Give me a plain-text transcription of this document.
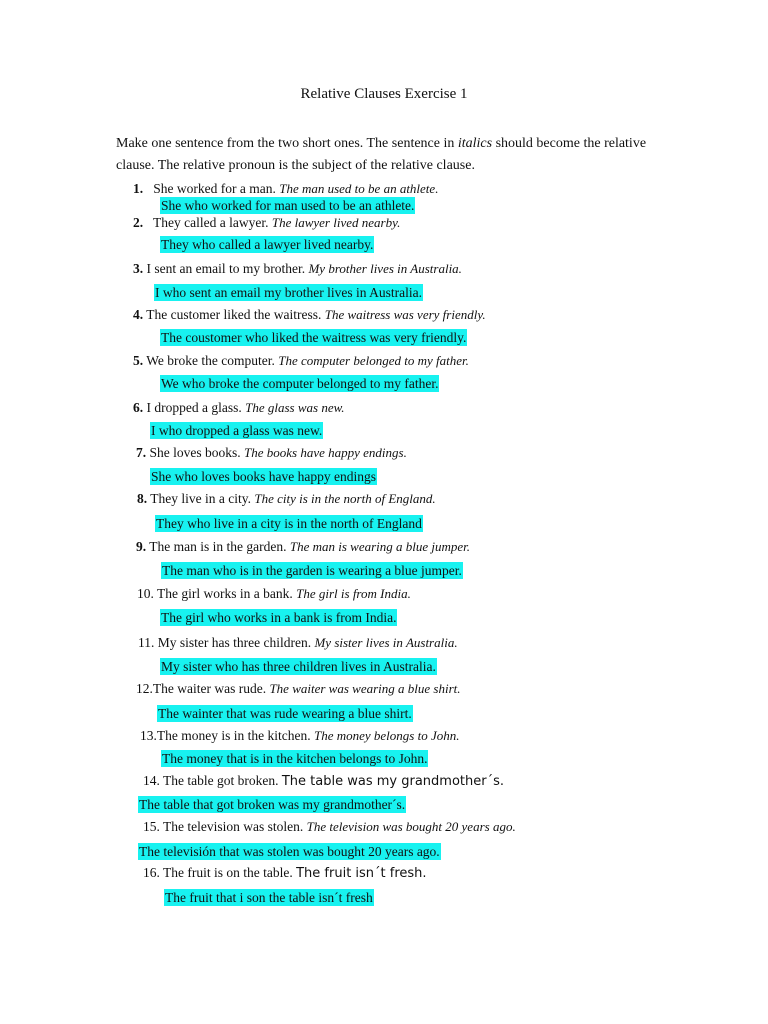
Relative Clauses Exercise 1
Make one sentence from the two short ones. The sentence in italics should become the relative clause. The relative pronoun is the subject of the relative clause.
1. She worked for a man. The man used to be an athlete.
She who worked for man used to be an athlete.
2. They called a lawyer. The lawyer lived nearby.
They who called a lawyer lived nearby.
3. I sent an email to my brother. My brother lives in Australia.
I who sent an email my brother lives in Australia.
4. The customer liked the waitress. The waitress was very friendly.
The coustomer who liked the waitress was very friendly.
5. We broke the computer. The computer belonged to my father.
We who broke the computer belonged to my father.
6. I dropped a glass. The glass was new.
I who dropped a glass was new.
7. She loves books. The books have happy endings.
She who loves books have happy endings
8. They live in a city. The city is in the north of England.
They who live in a city is in the north of England
9. The man is in the garden. The man is wearing a blue jumper.
The man who is in the garden is wearing a blue jumper.
10. The girl works in a bank. The girl is from India.
The girl who works in a bank is from India.
11. My sister has three children. My sister lives in Australia.
My sister who has three children lives in Australia.
12.The waiter was rude. The waiter was wearing a blue shirt.
The wainter that was rude wearing a blue shirt.
13.The money is in the kitchen. The money belongs to John.
The money that is in the kitchen belongs to John.
14. The table got broken. The table was my grandmother´s.
The table that got broken was my grandmother´s.
15. The television was stolen. The television was bought 20 years ago.
The televisión that was stolen was bought 20 years ago.
16. The fruit is on the table. The fruit isn´t fresh.
The fruit that i son the table isn´t fresh
